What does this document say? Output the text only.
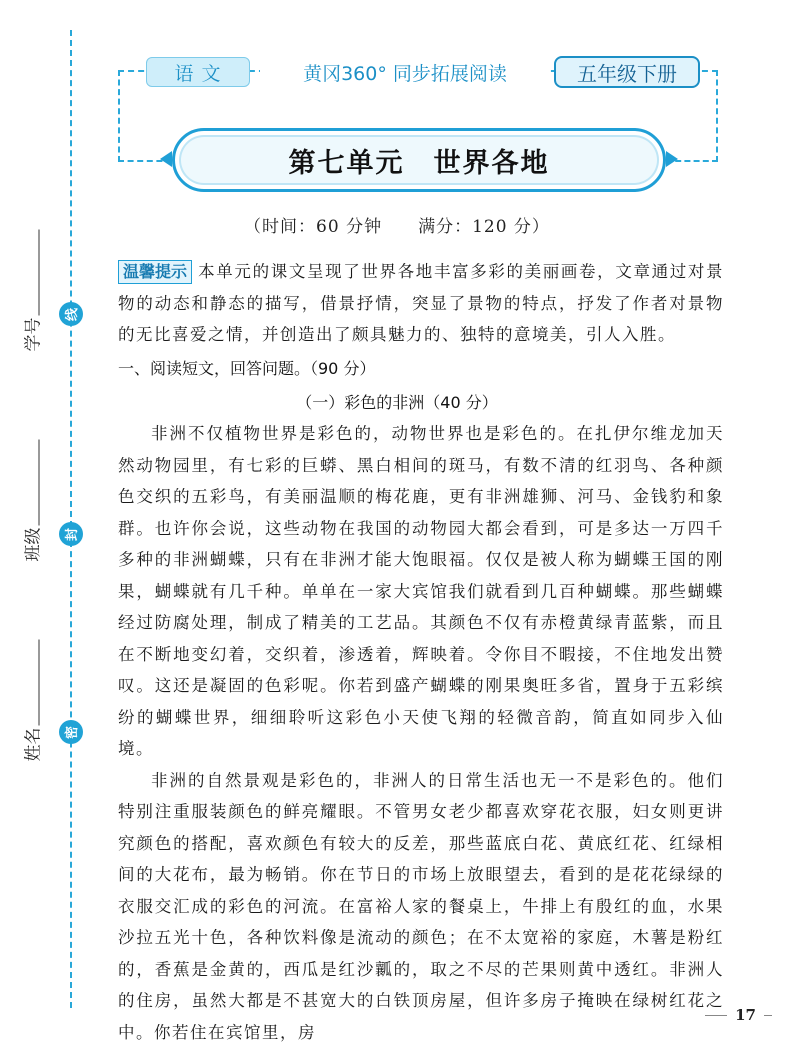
线
封
密
学号
班级
姓名
语 文	黄冈360° 同步拓展阅读	五年级下册
第七单元　世界各地
（时间：60 分钟　　满分：120 分）
温馨提示 本单元的课文呈现了世界各地丰富多彩的美丽画卷，文章通过对景物的动态和静态的描写，借景抒情，突显了景物的特点，抒发了作者对景物的无比喜爱之情，并创造出了颇具魅力的、独特的意境美，引人入胜。
一、阅读短文，回答问题。（90 分）
（一）彩色的非洲（40 分）

非洲不仅植物世界是彩色的，动物世界也是彩色的。在扎伊尔维龙加天然动物园里，有七彩的巨蟒、黑白相间的斑马，有数不清的红羽鸟、各种颜色交织的五彩鸟，有美丽温顺的梅花鹿，更有非洲雄狮、河马、金钱豹和象群。也许你会说，这些动物在我国的动物园大都会看到，可是多达一万四千多种的非洲蝴蝶，只有在非洲才能大饱眼福。仅仅是被人称为蝴蝶王国的刚果，蝴蝶就有几千种。单单在一家大宾馆我们就看到几百种蝴蝶。那些蝴蝶经过防腐处理，制成了精美的工艺品。其颜色不仅有赤橙黄绿青蓝紫，而且在不断地变幻着，交织着，渗透着，辉映着。令你目不暇接，不住地发出赞叹。这还是凝固的色彩呢。你若到盛产蝴蝶的刚果奥旺多省，置身于五彩缤纷的蝴蝶世界，细细聆听这彩色小天使飞翔的轻微音韵，简直如同步入仙境。

非洲的自然景观是彩色的，非洲人的日常生活也无一不是彩色的。他们特别注重服装颜色的鲜亮耀眼。不管男女老少都喜欢穿花衣服，妇女则更讲究颜色的搭配，喜欢颜色有较大的反差，那些蓝底白花、黄底红花、红绿相间的大花布，最为畅销。你在节日的市场上放眼望去，看到的是花花绿绿的衣服交汇成的彩色的河流。在富裕人家的餐桌上，牛排上有殷红的血，水果沙拉五光十色，各种饮料像是流动的颜色；在不太宽裕的家庭，木薯是粉红的，香蕉是金黄的，西瓜是红沙瓤的，取之不尽的芒果则黄中透红。非洲人的住房，虽然大都是不甚宽大的白铁顶房屋，但许多房子掩映在绿树红花之中。你若住在宾馆里，房

17
